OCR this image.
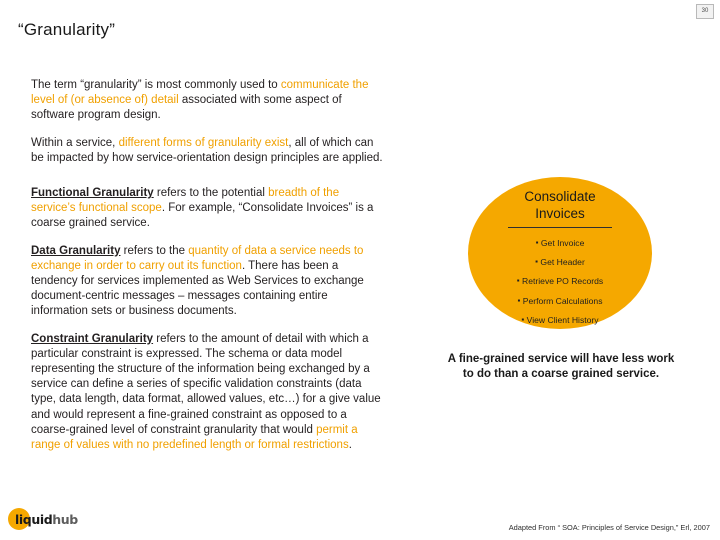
30
“Granularity”

The term “granularity” is most commonly used to communicate the level of (or absence of) detail associated with some aspect of software program design.

Within a service, different forms of granularity exist, all of which can be impacted by how service-orientation design principles are applied.

Functional Granularity refers to the potential breadth of the service’s functional scope. For example, “Consolidate Invoices” is a coarse grained service.

Data Granularity refers to the quantity of data a service needs to exchange in order to carry out its function. There has been a tendency for services implemented as Web Services to exchange document-centric messages – messages containing entire information sets or business documents.

Constraint Granularity refers to the amount of detail with which a particular constraint is expressed. The schema or data model representing the structure of the information being exchanged by a service can define a series of specific validation constraints (data type, data length, data format, allowed values, etc…) for a give value and would represent a fine-grained constraint as opposed to a coarse-grained level of constraint granularity that would permit a range of values with no predefined length or formal restrictions.

Consolidate
Invoices
▪ Get Invoice
▪ Get Header
▪ Retrieve PO Records
▪ Perform Calculations
▪ View Client History
A fine-grained service will have less work
to do than a coarse grained service.
liquidhub
Adapted From “ SOA: Principles of Service Design,” Erl, 2007
